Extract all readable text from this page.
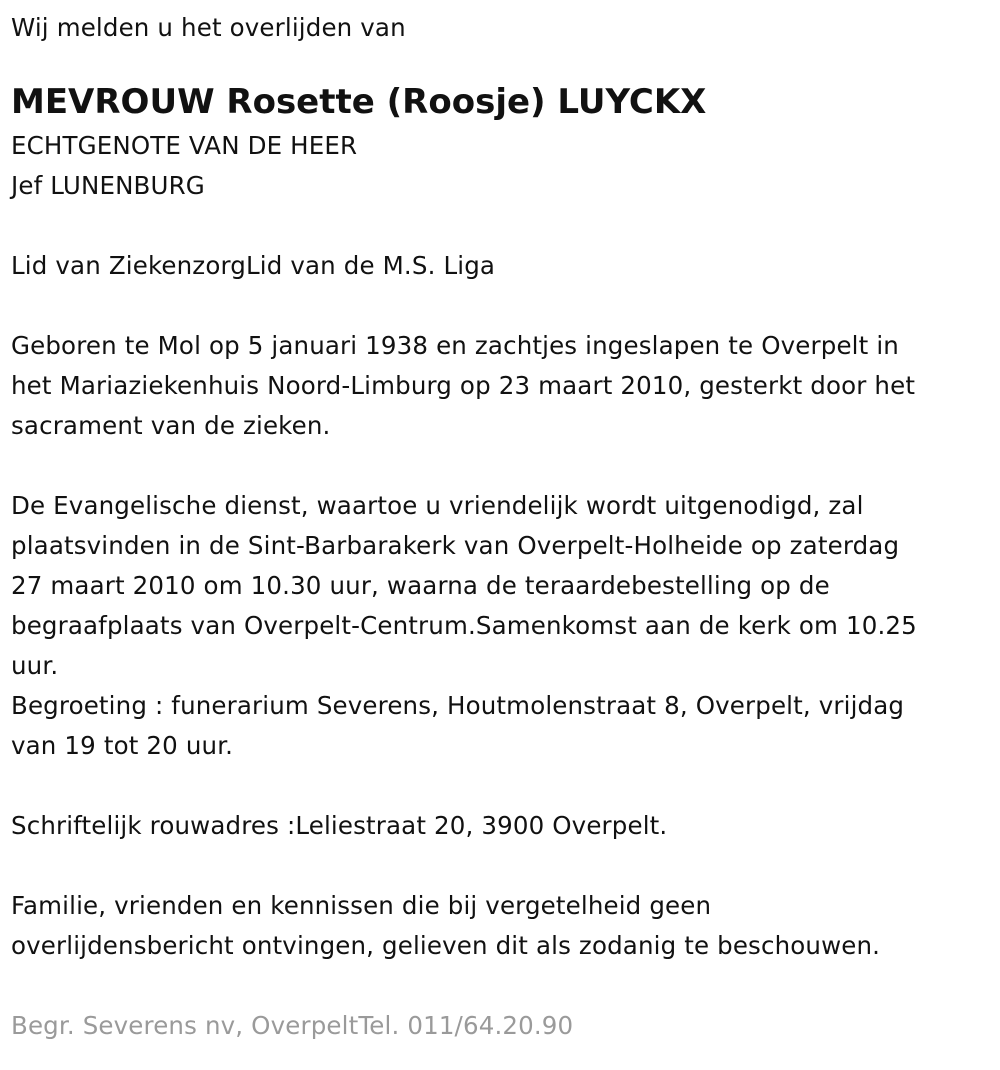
Wij melden u het overlijden van

MEVROUW Rosette (Roosje) LUYCKX

ECHTGENOTE VAN DE HEER

Jef LUNENBURG

Lid van ZiekenzorgLid van de M.S. Liga

Geboren te Mol op 5 januari 1938 en zachtjes ingeslapen te Overpelt in

het Mariaziekenhuis Noord-Limburg op 23 maart 2010, gesterkt door het

sacrament van de zieken.

De Evangelische dienst, waartoe u vriendelijk wordt uitgenodigd, zal

plaatsvinden in de Sint-Barbarakerk van Overpelt-Holheide op zaterdag

27 maart 2010 om 10.30 uur, waarna de teraardebestelling op de

begraafplaats van Overpelt-Centrum.Samenkomst aan de kerk om 10.25

uur.

Begroeting : funerarium Severens, Houtmolenstraat 8, Overpelt, vrijdag

van 19 tot 20 uur.

Schriftelijk rouwadres :Leliestraat 20, 3900 Overpelt.

Familie, vrienden en kennissen die bij vergetelheid geen

overlijdensbericht ontvingen, gelieven dit als zodanig te beschouwen.

Begr. Severens nv, OverpeltTel. 011/64.20.90
